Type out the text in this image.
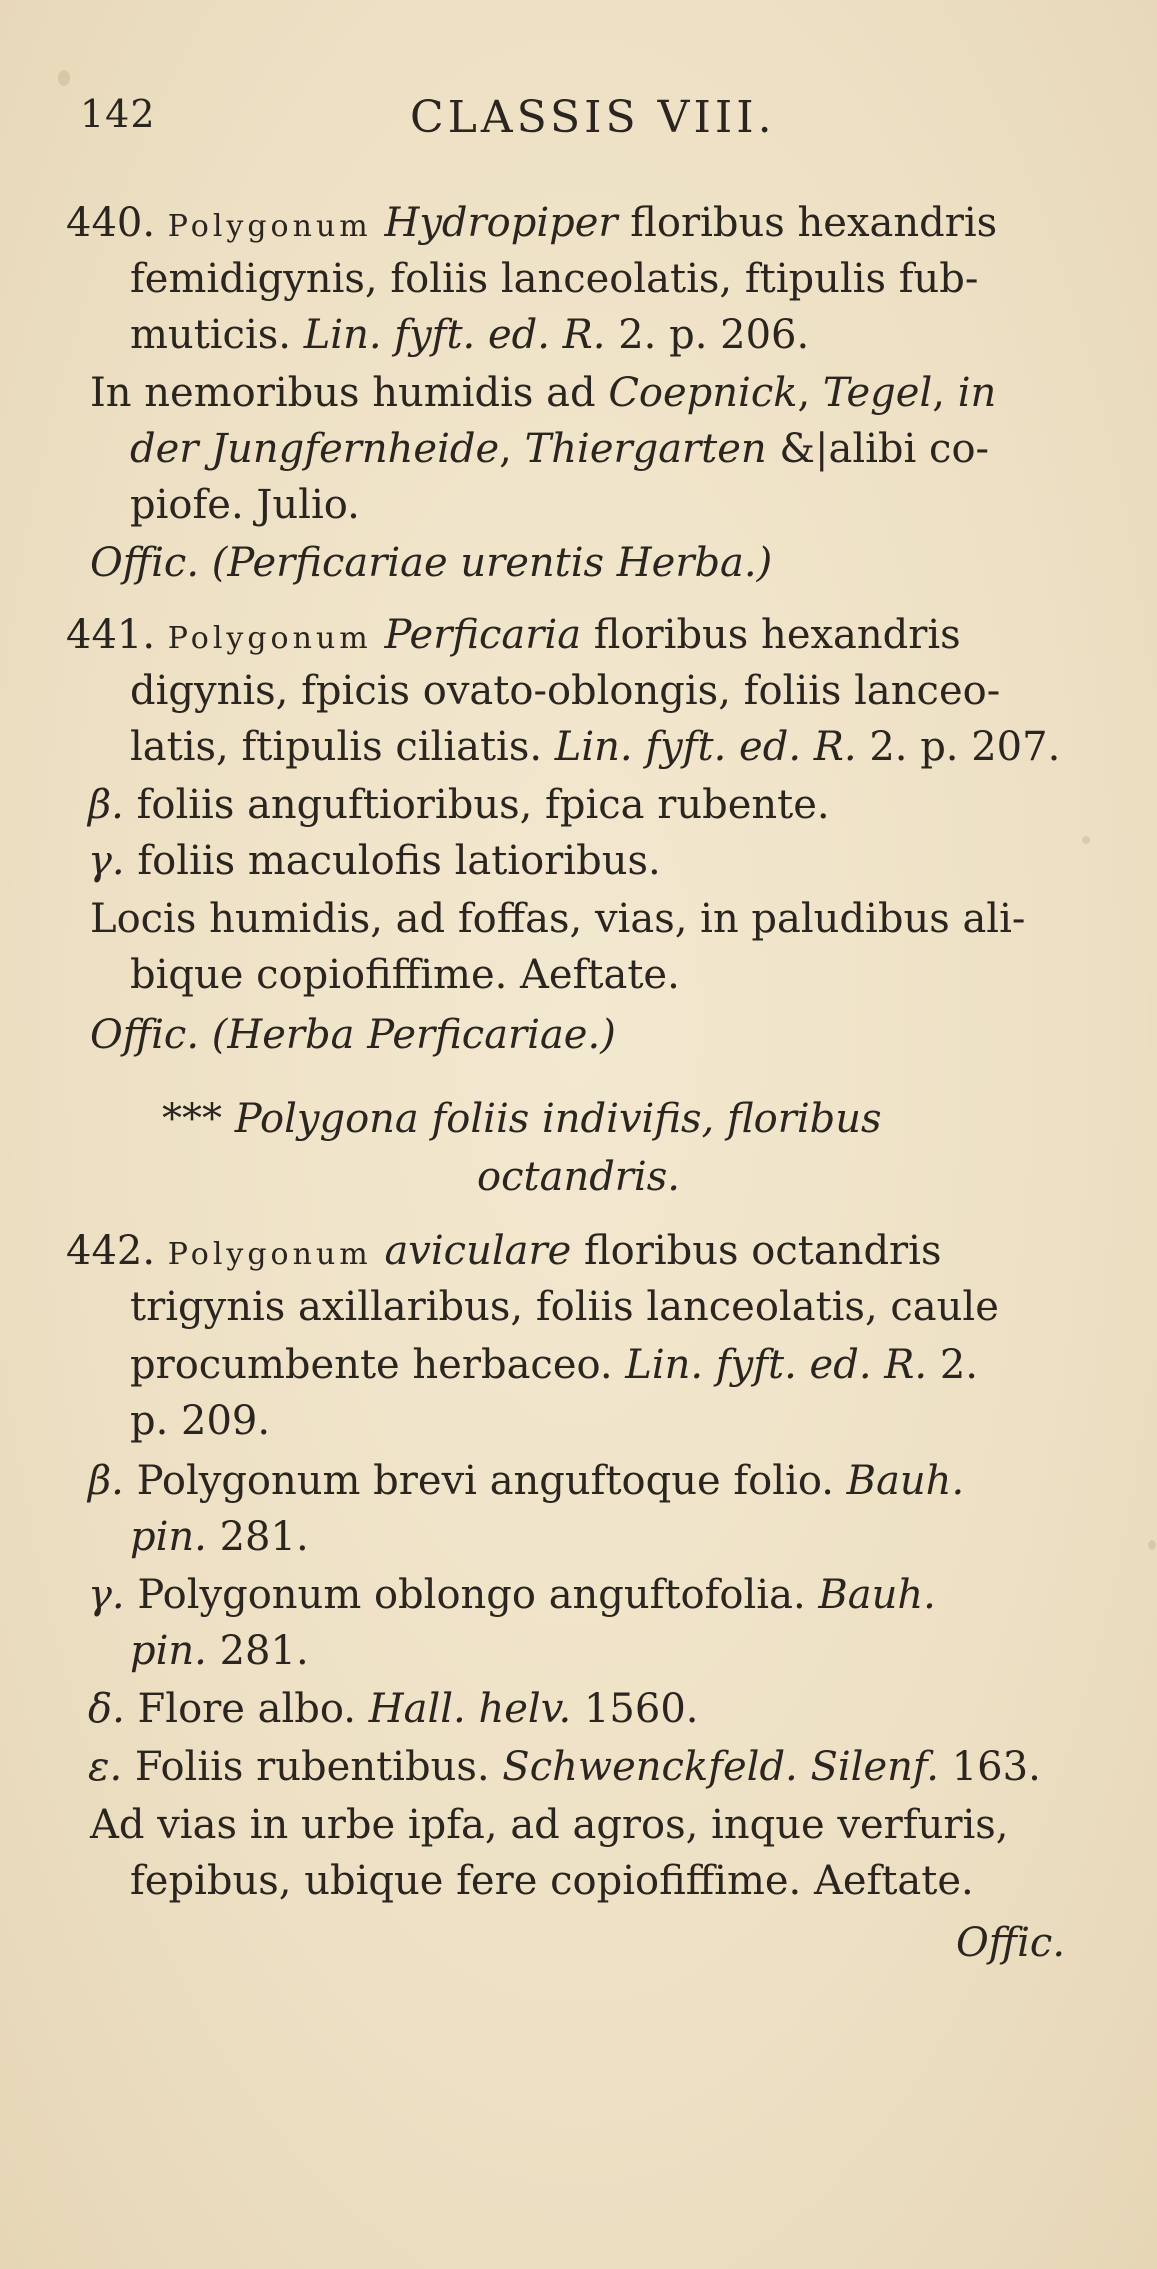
142	CLASSIS VIII.
440. Polygonum Hydropiper floribus hexandris
femidigynis, foliis lanceolatis, ftipulis fub-
muticis. Lin. fyft. ed. R. 2. p. 206.
In nemoribus humidis ad Coepnick, Tegel, in
der Jungfernheide, Thiergarten &|alibi co-
piofe. Julio.
Offic. (Perficariae urentis Herba.)
441. Polygonum Perficaria floribus hexandris
digynis, fpicis ovato-oblongis, foliis lanceo-
latis, ftipulis ciliatis. Lin. fyft. ed. R. 2. p. 207.
β. foliis anguftioribus, fpica rubente.
γ. foliis maculofis latioribus.
Locis humidis, ad foffas, vias, in paludibus ali-
bique copiofiffime. Aeftate.
Offic. (Herba Perficariae.)
*** Polygona foliis indivifis, floribus
octandris.
442. Polygonum aviculare floribus octandris
trigynis axillaribus, foliis lanceolatis, caule
procumbente herbaceo. Lin. fyft. ed. R. 2.
p. 209.
β. Polygonum brevi anguftoque folio. Bauh.
pin. 281.
γ. Polygonum oblongo anguftofolia. Bauh.
pin. 281.
δ. Flore albo. Hall. helv. 1560.
ε. Foliis rubentibus. Schwenckfeld. Silenf. 163.
Ad vias in urbe ipfa, ad agros, inque verfuris,
fepibus, ubique fere copiofiffime. Aeftate.
Offic.
